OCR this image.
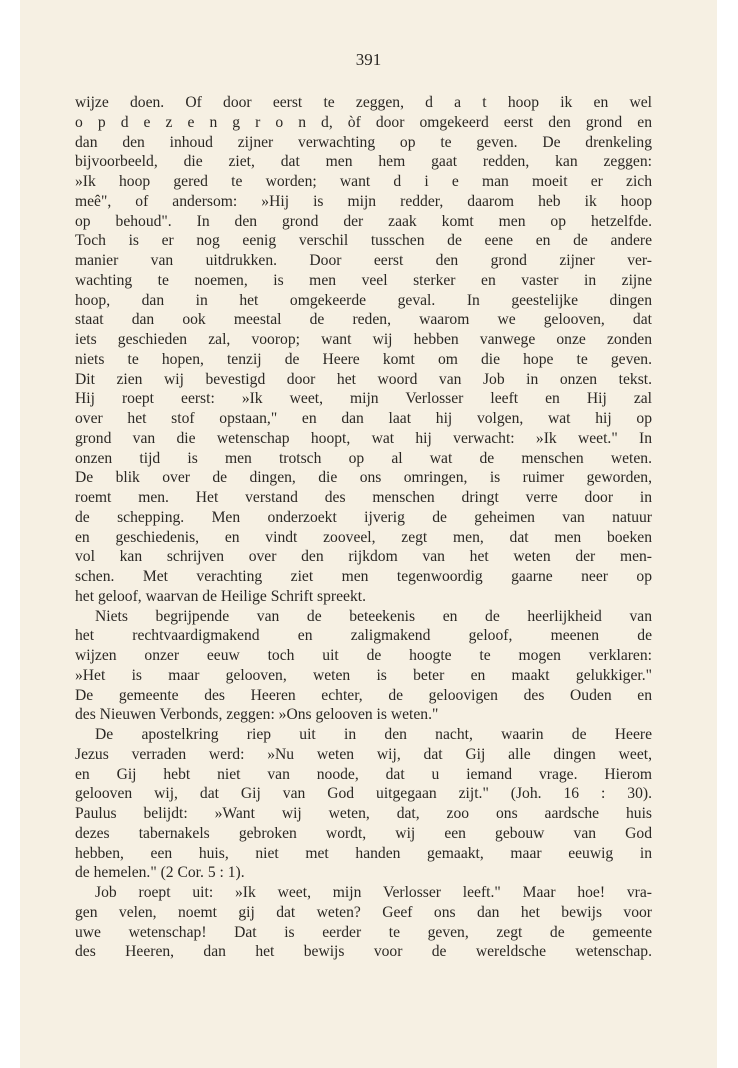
391
wijze doen. Of door eerst te zeggen, d a t hoop ik en wel
o p d e z e n g r o n d, òf door omgekeerd eerst den grond en
dan den inhoud zijner verwachting op te geven. De drenkeling
bijvoorbeeld, die ziet, dat men hem gaat redden, kan zeggen:
»Ik hoop gered te worden; want d i e man moeit er zich
meê", of andersom: »Hij is mijn redder, daarom heb ik hoop
op behoud". In den grond der zaak komt men op hetzelfde.
Toch is er nog eenig verschil tusschen de eene en de andere
manier van uitdrukken. Door eerst den grond zijner ver-
wachting te noemen, is men veel sterker en vaster in zijne
hoop, dan in het omgekeerde geval. In geestelijke dingen
staat dan ook meestal de reden, waarom we gelooven, dat
iets geschieden zal, voorop; want wij hebben vanwege onze zonden
niets te hopen, tenzij de Heere komt om die hope te geven.
Dit zien wij bevestigd door het woord van Job in onzen tekst.
Hij roept eerst: »Ik weet, mijn Verlosser leeft en Hij zal
over het stof opstaan," en dan laat hij volgen, wat hij op
grond van die wetenschap hoopt, wat hij verwacht: »Ik weet." In
onzen tijd is men trotsch op al wat de menschen weten.
De blik over de dingen, die ons omringen, is ruimer geworden,
roemt men. Het verstand des menschen dringt verre door in
de schepping. Men onderzoekt ijverig de geheimen van natuur
en geschiedenis, en vindt zooveel, zegt men, dat men boeken
vol kan schrijven over den rijkdom van het weten der men-
schen. Met verachting ziet men tegenwoordig gaarne neer op
het geloof, waarvan de Heilige Schrift spreekt.
Niets begrijpende van de beteekenis en de heerlijkheid van
het rechtvaardigmakend en zaligmakend geloof, meenen de
wijzen onzer eeuw toch uit de hoogte te mogen verklaren:
»Het is maar gelooven, weten is beter en maakt gelukkiger."
De gemeente des Heeren echter, de geloovigen des Ouden en
des Nieuwen Verbonds, zeggen: »Ons gelooven is weten."
De apostelkring riep uit in den nacht, waarin de Heere
Jezus verraden werd: »Nu weten wij, dat Gij alle dingen weet,
en Gij hebt niet van noode, dat u iemand vrage. Hierom
gelooven wij, dat Gij van God uitgegaan zijt." (Joh. 16 : 30).
Paulus belijdt: »Want wij weten, dat, zoo ons aardsche huis
dezes tabernakels gebroken wordt, wij een gebouw van God
hebben, een huis, niet met handen gemaakt, maar eeuwig in
de hemelen." (2 Cor. 5 : 1).
Job roept uit: »Ik weet, mijn Verlosser leeft." Maar hoe! vra-
gen velen, noemt gij dat weten? Geef ons dan het bewijs voor
uwe wetenschap! Dat is eerder te geven, zegt de gemeente
des Heeren, dan het bewijs voor de wereldsche wetenschap.
